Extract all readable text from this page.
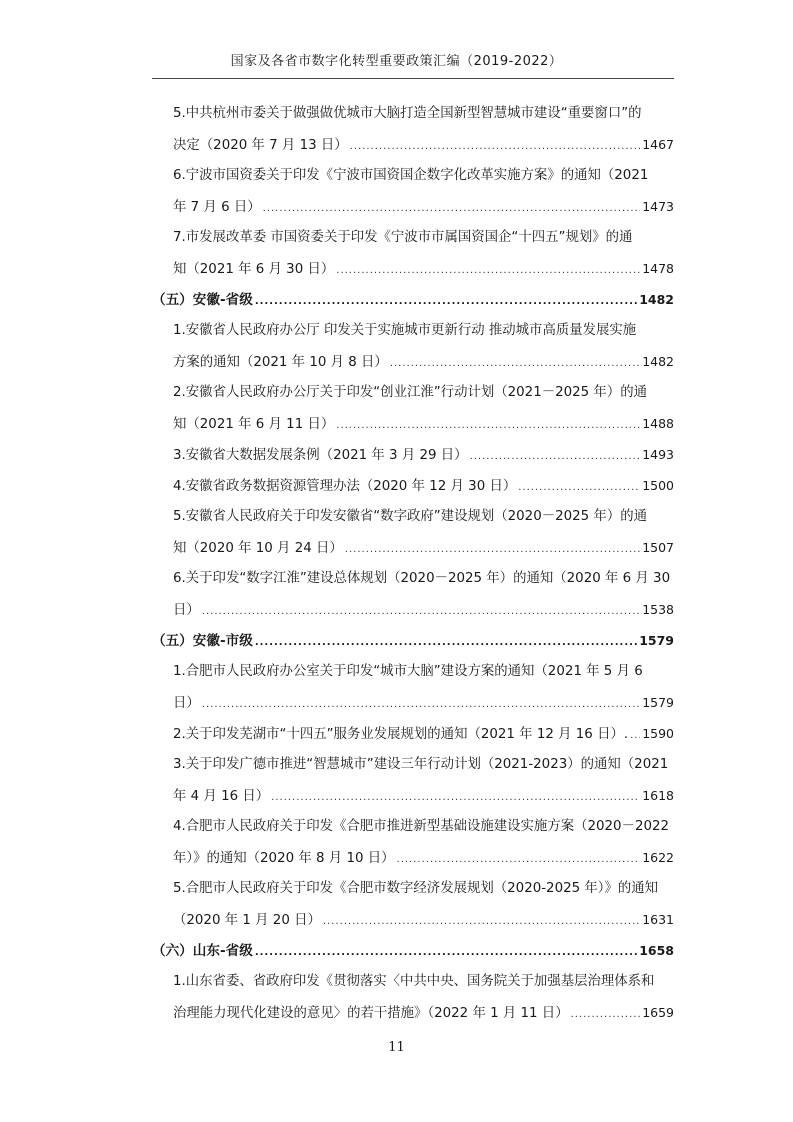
国家及各省市数字化转型重要政策汇编（2019-2022）
5.中共杭州市委关于做强做优城市大脑打造全国新型智慧城市建设“重要窗口”的
决定（2020 年 7 月 13 日） .....	1467
6.宁波市国资委关于印发《宁波市国资国企数字化改革实施方案》的通知（2021
年 7 月 6 日） .....	1473
7.市发展改革委 市国资委关于印发《宁波市市属国资国企“十四五”规划》的通
知（2021 年 6 月 30 日） .....	1478
（五）安徽-省级 .....	1482
1.安徽省人民政府办公厅 印发关于实施城市更新行动 推动城市高质量发展实施
方案的通知（2021 年 10 月 8 日） .....	1482
2.安徽省人民政府办公厅关于印发“创业江淮”行动计划（2021－2025 年）的通
知（2021 年 6 月 11 日） .....	1488
3.安徽省大数据发展条例（2021 年 3 月 29 日） .....	1493
4.安徽省政务数据资源管理办法（2020 年 12 月 30 日） .....	1500
5.安徽省人民政府关于印发安徽省“数字政府”建设规划（2020－2025 年）的通
知（2020 年 10 月 24 日） .....	1507
6.关于印发“数字江淮”建设总体规划（2020－2025 年）的通知（2020 年 6 月 30
日） .....	1538
（五）安徽-市级 .....	1579
1.合肥市人民政府办公室关于印发“城市大脑”建设方案的通知（2021 年 5 月 6
日） .....	1579
2.关于印发芜湖市“十四五”服务业发展规划的通知（2021 年 12 月 16 日）. ..... 1590
3.关于印发广德市推进“智慧城市”建设三年行动计划（2021-2023）的通知（2021
年 4 月 16 日） .....	1618
4.合肥市人民政府关于印发《合肥市推进新型基础设施建设实施方案（2020－2022
年）》的通知（2020 年 8 月 10 日） .....	1622
5.合肥市人民政府关于印发《合肥市数字经济发展规划（2020-2025 年）》的通知
（2020 年 1 月 20 日） .....	1631
（六）山东-省级 .....	1658
1.山东省委、省政府印发《贯彻落实〈中共中央、国务院关于加强基层治理体系和
治理能力现代化建设的意见〉的若干措施》（2022 年 1 月 11 日） .....	1659
11
